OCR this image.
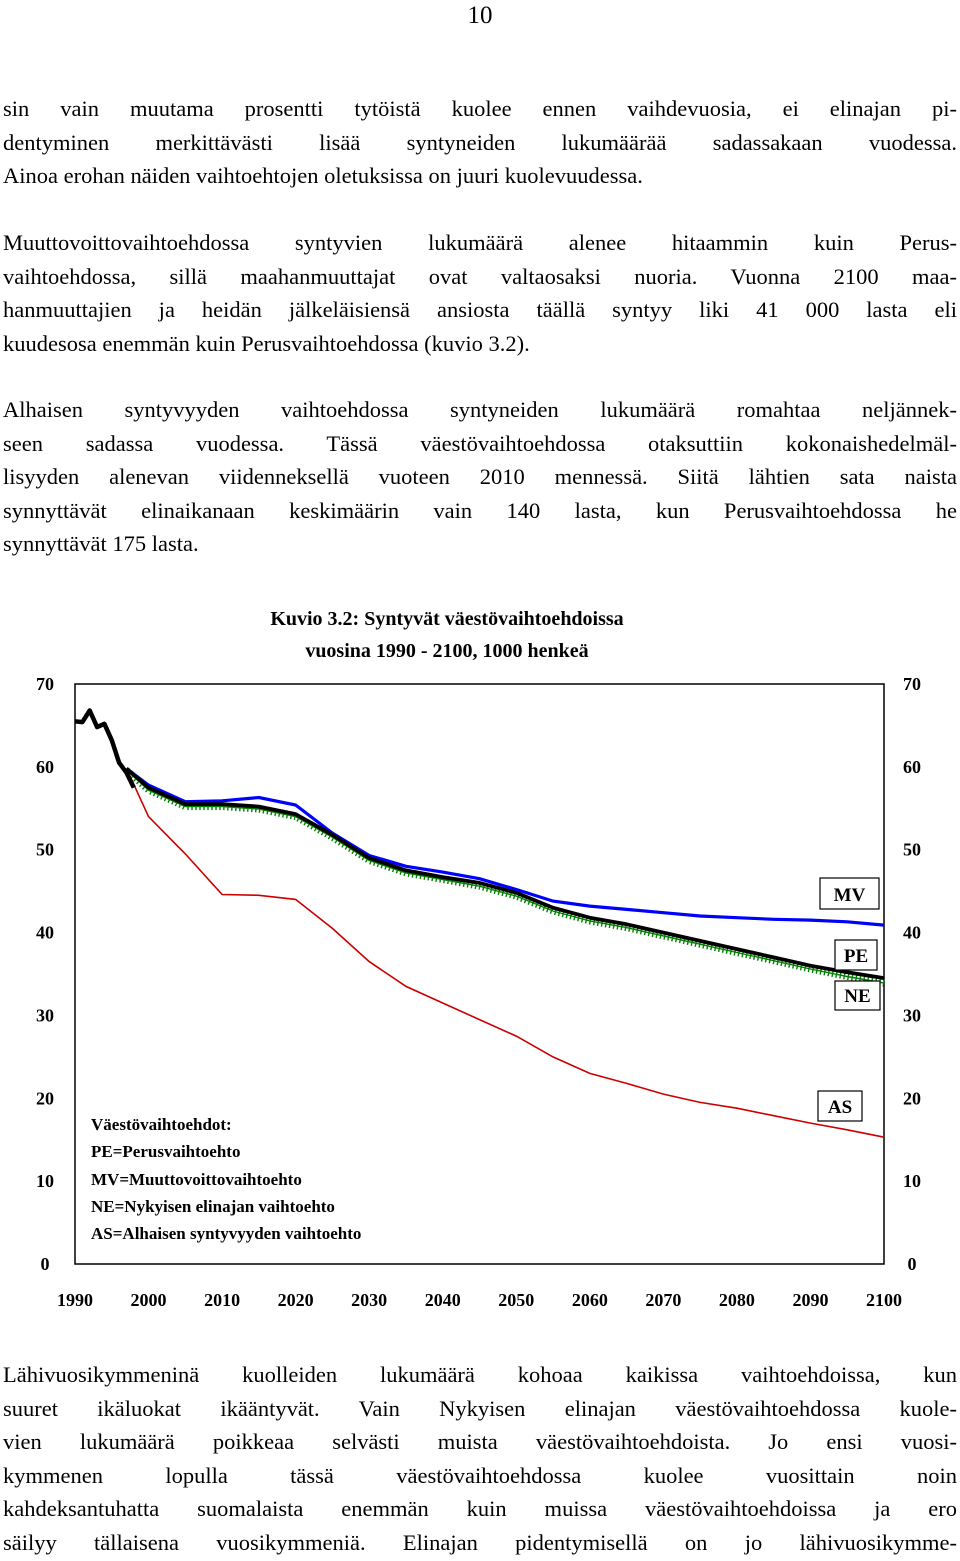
10
sin vain muutama prosentti tytöistä kuolee ennen vaihdevuosia, ei elinajan pi-
dentyminen merkittävästi lisää syntyneiden lukumäärää sadassakaan vuodessa.
Ainoa erohan näiden vaihtoehtojen oletuksissa on juuri kuolevuudessa.
Muuttovoittovaihtoehdossa syntyvien lukumäärä alenee hitaammin kuin Perus-
vaihtoehdossa, sillä maahanmuuttajat ovat valtaosaksi nuoria. Vuonna 2100 maa-
hanmuuttajien ja heidän jälkeläisiensä ansiosta täällä syntyy liki 41 000 lasta eli
kuudesosa enemmän kuin Perusvaihtoehdossa (kuvio 3.2).
Alhaisen syntyvyyden vaihtoehdossa syntyneiden lukumäärä romahtaa neljännek-
seen sadassa vuodessa. Tässä väestövaihtoehdossa otaksuttiin kokonaishedelmäl-
lisyyden alenevan viidenneksellä vuoteen 2010 mennessä. Siitä lähtien sata naista
synnyttävät elinaikanaan keskimäärin vain 140 lasta, kun Perusvaihtoehdossa he
synnyttävät 175 lasta.
Kuvio 3.2: Syntyvät väestövaihtoehdoissa
vuosina 1990 - 2100, 1000 henkeä
0
10
20
30
40
50
60
70
0
10
20
30
40
50
60
70
1990 2000 2010 2020 2030 2040 2050 2060 2070 2080 2090 2100
MV
PE
NE
AS
Väestövaihtoehdot:
PE=Perusvaihtoehto
MV=Muuttovoittovaihtoehto
NE=Nykyisen elinajan vaihtoehto
AS=Alhaisen syntyvyyden vaihtoehto
Lähivuosikymmeninä kuolleiden lukumäärä kohoaa kaikissa vaihtoehdoissa, kun
suuret ikäluokat ikääntyvät. Vain Nykyisen elinajan väestövaihtoehdossa kuole-
vien lukumäärä poikkeaa selvästi muista väestövaihtoehdoista. Jo ensi vuosi-
kymmenen lopulla tässä väestövaihtoehdossa kuolee vuosittain noin
kahdeksantuhatta suomalaista enemmän kuin muissa väestövaihtoehdoissa ja ero
säilyy tällaisena vuosikymmeniä. Elinajan pidentymisellä on jo lähivuosikymme-
